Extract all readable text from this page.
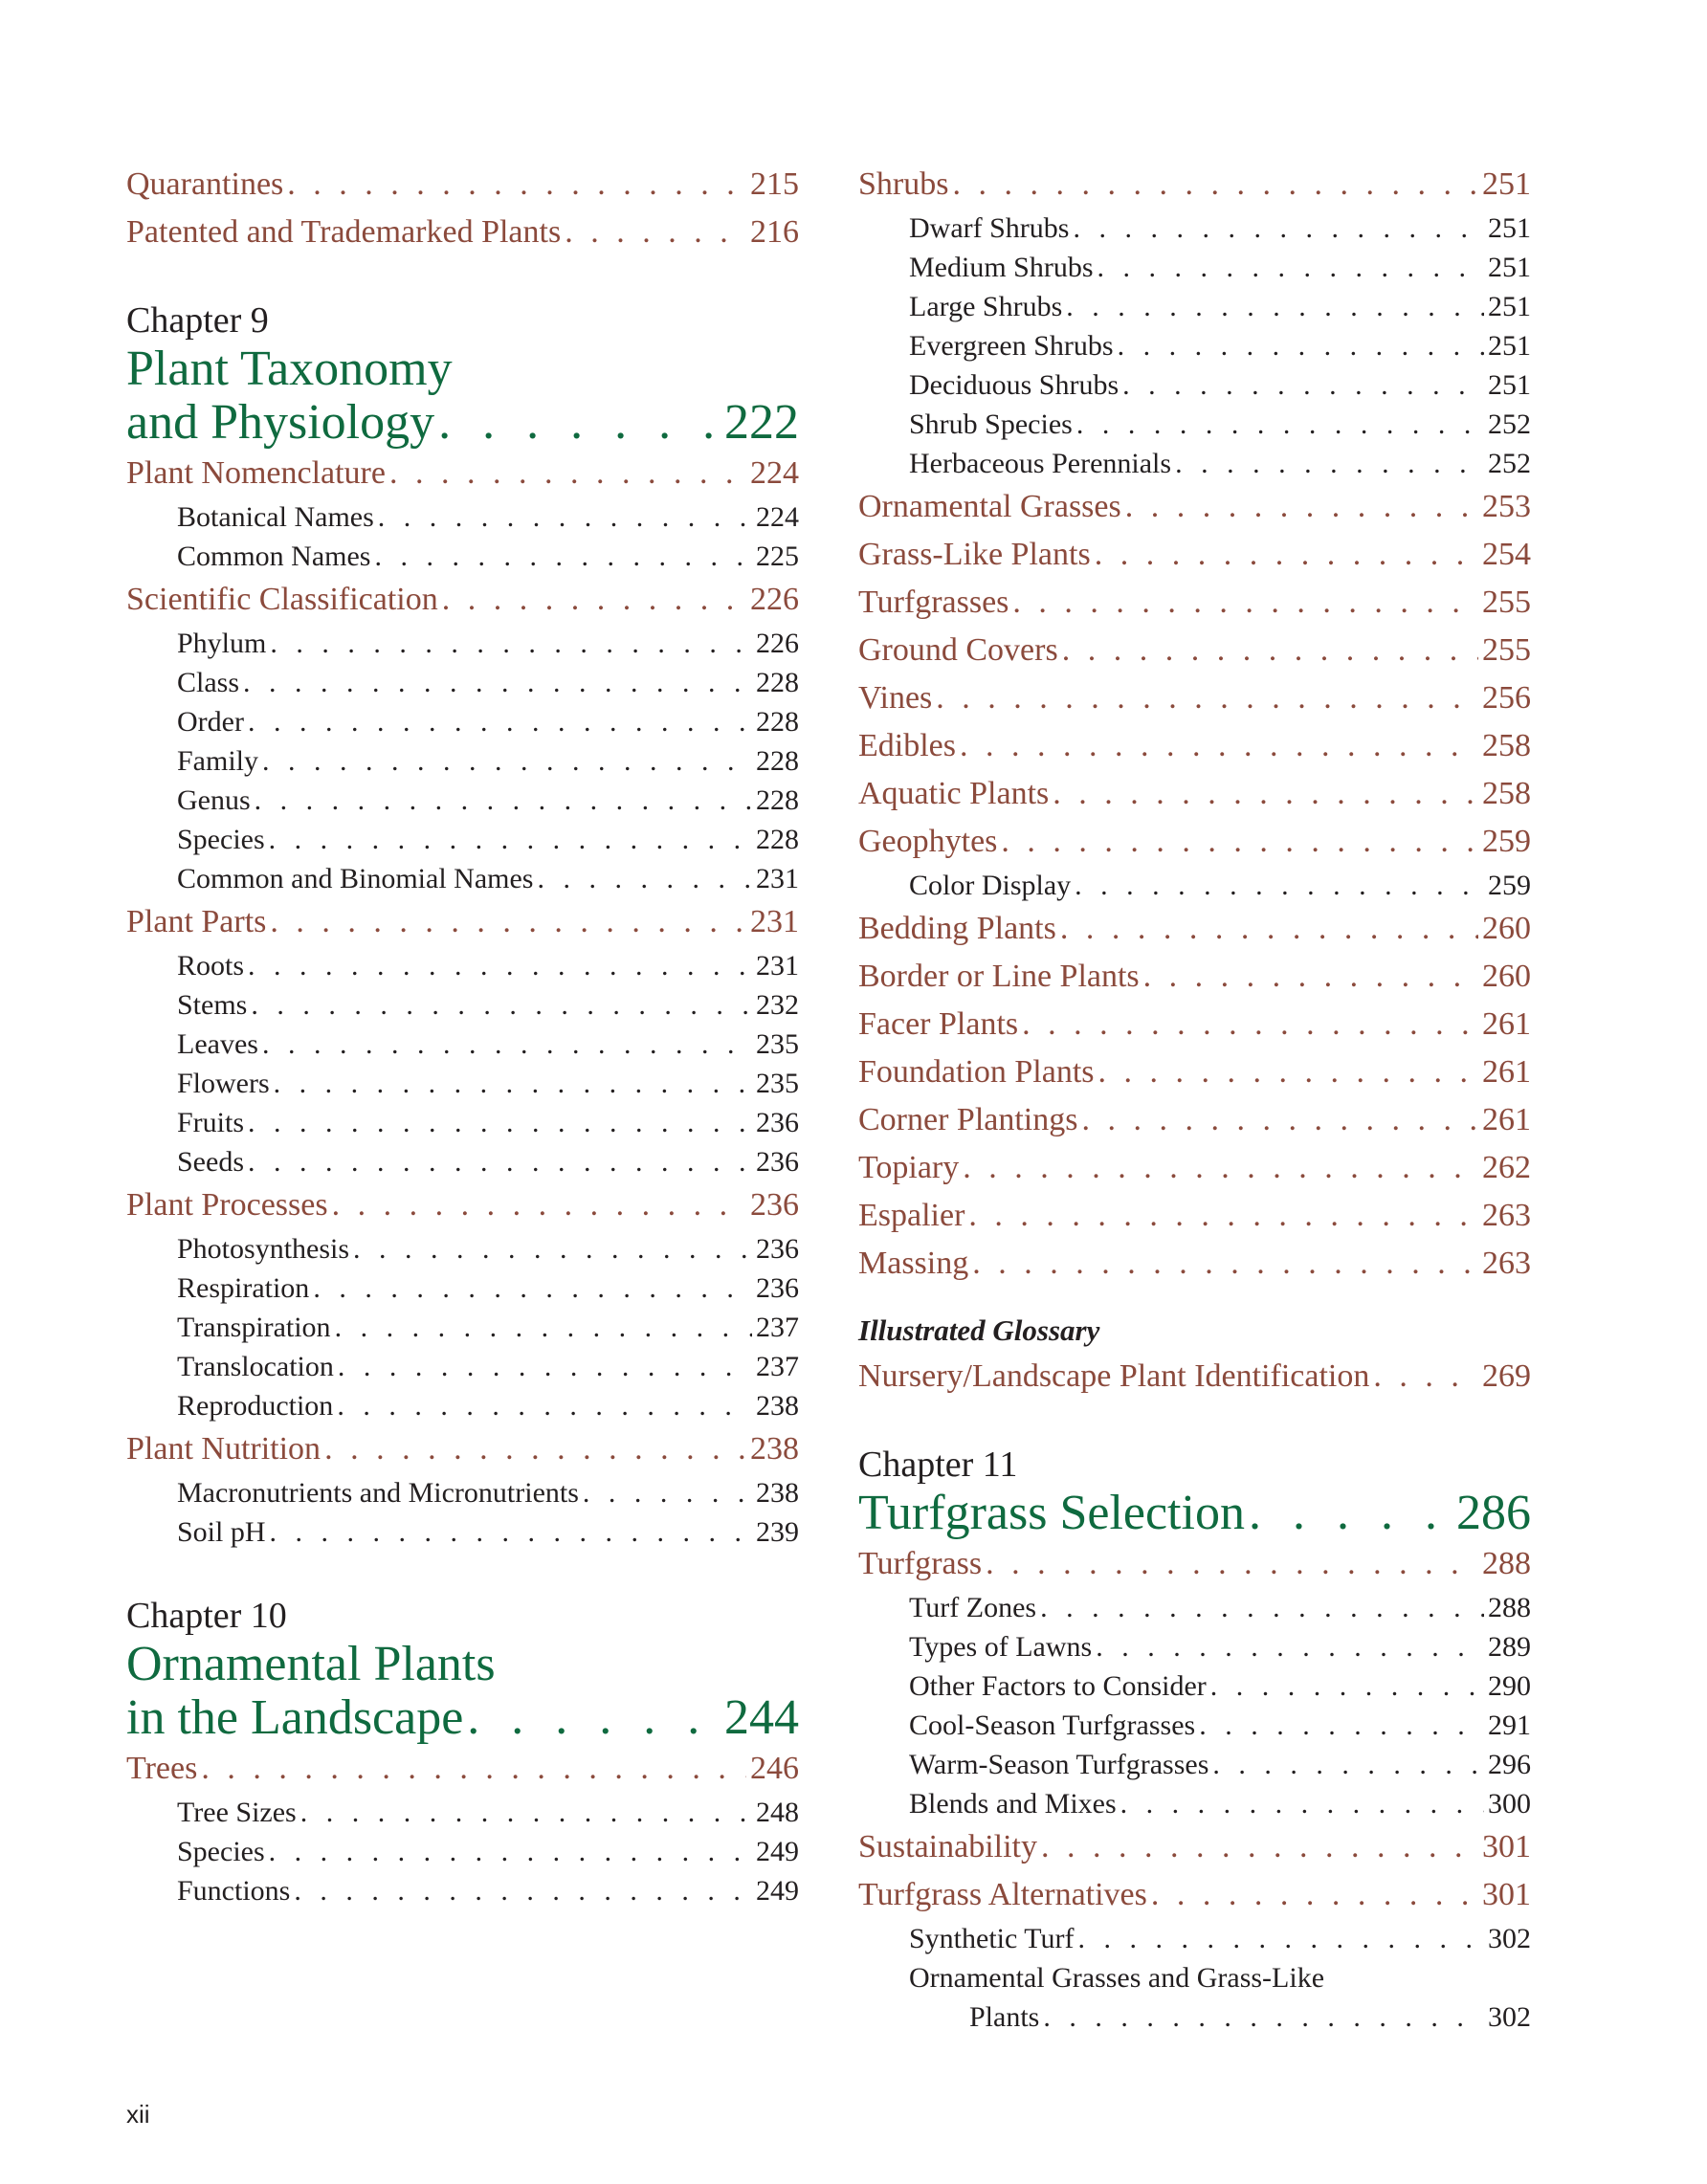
Quarantines . . .	215
Patented and Trademarked Plants . . .	216
Chapter 9
Plant Taxonomy
and Physiology . . .	222
Plant Nomenclature . . .	224
Botanical Names . . .	224
Common Names . . .	225
Scientific Classification . . .	226
Phylum . . .	226
Class . . .	228
Order . . .	228
Family . . .	228
Genus . . .	228
Species . . .	228
Common and Binomial Names . . .	231
Plant Parts . . .	231
Roots . . .	231
Stems . . .	232
Leaves . . .	235
Flowers . . .	235
Fruits . . .	236
Seeds . . .	236
Plant Processes . . .	236
Photosynthesis . . .	236
Respiration . . .	236
Transpiration . . .	237
Translocation . . .	237
Reproduction . . .	238
Plant Nutrition . . .	238
Macronutrients and Micronutrients . . .	238
Soil pH . . .	239
Chapter 10
Ornamental Plants
in the Landscape . . .	244
Trees . . .	246
Tree Sizes . . .	248
Species . . .	249
Functions . . .	249
Shrubs . . .	251
Dwarf Shrubs . . .	251
Medium Shrubs . . .	251
Large Shrubs . . .	251
Evergreen Shrubs . . .	251
Deciduous Shrubs . . .	251
Shrub Species . . .	252
Herbaceous Perennials . . .	252
Ornamental Grasses . . .	253
Grass-Like Plants . . .	254
Turfgrasses . . .	255
Ground Covers . . .	255
Vines . . .	256
Edibles . . .	258
Aquatic Plants . . .	258
Geophytes . . .	259
Color Display . . .	259
Bedding Plants . . .	260
Border or Line Plants . . .	260
Facer Plants . . .	261
Foundation Plants . . .	261
Corner Plantings . . .	261
Topiary . . .	262
Espalier . . .	263
Massing . . .	263
Illustrated Glossary
Nursery/Landscape Plant Identification . . .	269
Chapter 11
Turfgrass Selection . . .	286
Turfgrass . . .	288
Turf Zones . . .	288
Types of Lawns . . .	289
Other Factors to Consider . . .	290
Cool-Season Turfgrasses . . .	291
Warm-Season Turfgrasses . . .	296
Blends and Mixes . . .	300
Sustainability . . .	301
Turfgrass Alternatives . . .	301
Synthetic Turf . . .	302
Ornamental Grasses and Grass-Like
Plants . . .	302
xii
